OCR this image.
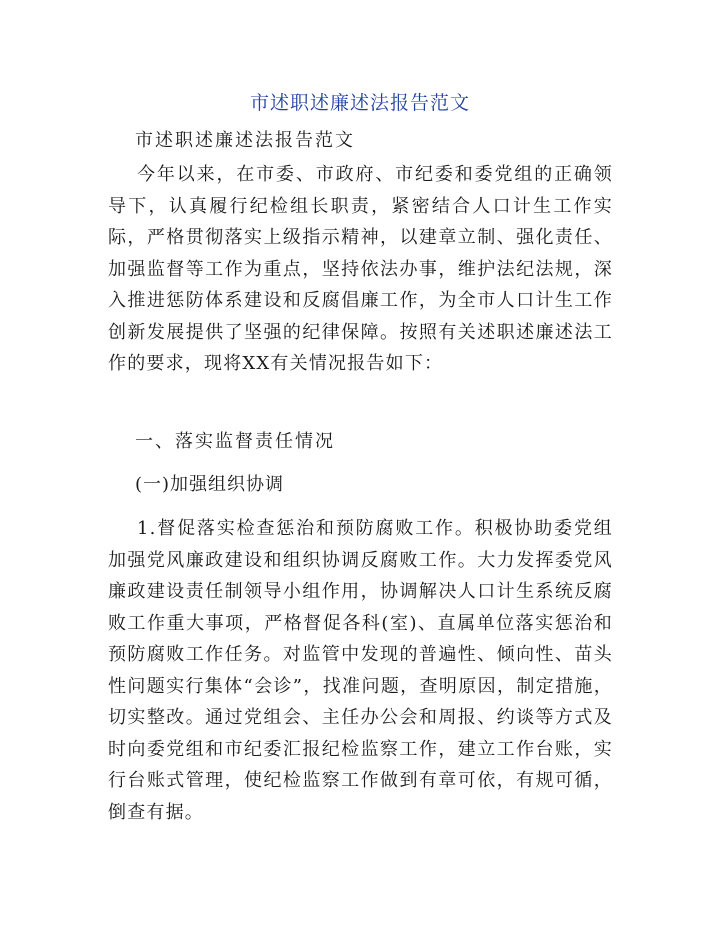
市述职述廉述法报告范文
市述职述廉述法报告范文

今年以来，在市委、市政府、市纪委和委党组的正确领导下，认真履行纪检组长职责，紧密结合人口计生工作实际，严格贯彻落实上级指示精神，以建章立制、强化责任、加强监督等工作为重点，坚持依法办事，维护法纪法规，深入推进惩防体系建设和反腐倡廉工作，为全市人口计生工作创新发展提供了坚强的纪律保障。按照有关述职述廉述法工作的要求，现将XX有关情况报告如下：

一、落实监督责任情况
(一)加强组织协调

1.督促落实检查惩治和预防腐败工作。积极协助委党组加强党风廉政建设和组织协调反腐败工作。大力发挥委党风廉政建设责任制领导小组作用，协调解决人口计生系统反腐败工作重大事项，严格督促各科(室)、直属单位落实惩治和预防腐败工作任务。对监管中发现的普遍性、倾向性、苗头性问题实行集体“会诊”，找准问题，查明原因，制定措施，切实整改。通过党组会、主任办公会和周报、约谈等方式及时向委党组和市纪委汇报纪检监察工作，建立工作台账，实行台账式管理，使纪检监察工作做到有章可依，有规可循，倒查有据。
